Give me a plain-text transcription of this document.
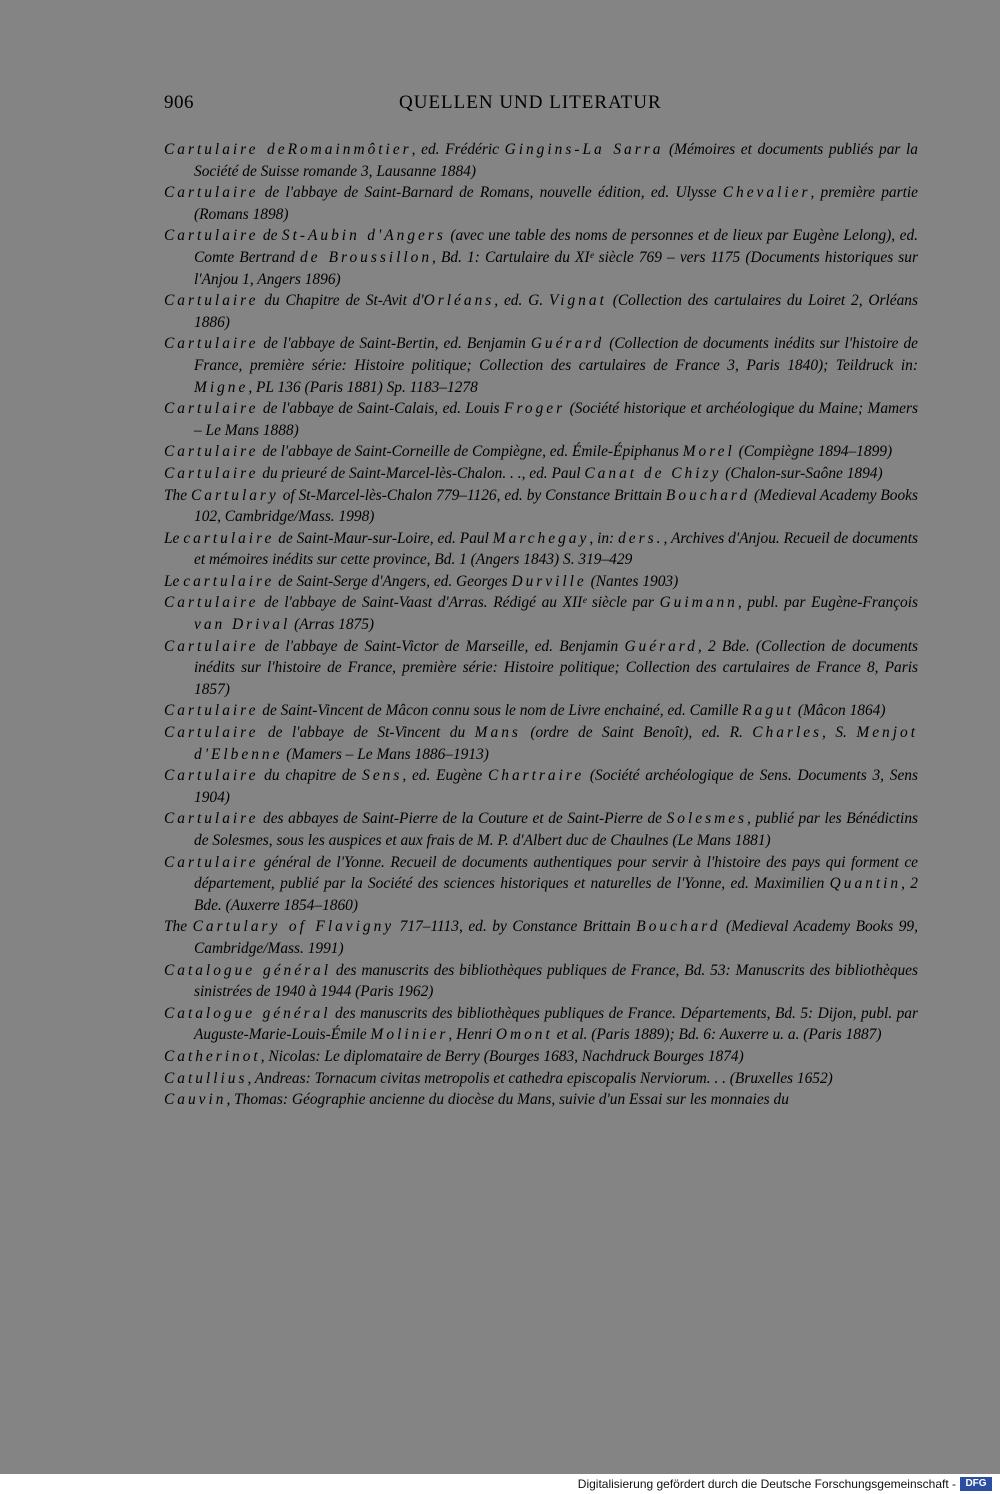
906	QUELLEN UND LITERATUR

Cartulaire deRomainmôtier, ed. Frédéric Gingins-La Sarra (Mémoires et documents publiés par la Société de Suisse romande 3, Lausanne 1884)

Cartulaire de l'abbaye de Saint-Barnard de Romans, nouvelle édition, ed. Ulysse Chevalier, première partie (Romans 1898)

Cartulaire de St-Aubin d'Angers (avec une table des noms de personnes et de lieux par Eugène Lelong), ed. Comte Bertrand de Broussillon, Bd. 1: Cartulaire du XIᵉ siècle 769 – vers 1175 (Documents historiques sur l'Anjou 1, Angers 1896)

Cartulaire du Chapitre de St-Avit d'Orléans, ed. G. Vignat (Collection des cartulaires du Loiret 2, Orléans 1886)

Cartulaire de l'abbaye de Saint-Bertin, ed. Benjamin Guérard (Collection de documents inédits sur l'histoire de France, première série: Histoire politique; Collection des cartulaires de France 3, Paris 1840); Teildruck in: Migne, PL 136 (Paris 1881) Sp. 1183–1278

Cartulaire de l'abbaye de Saint-Calais, ed. Louis Froger (Société historique et archéologique du Maine; Mamers – Le Mans 1888)

Cartulaire de l'abbaye de Saint-Corneille de Compiègne, ed. Émile-Épiphanus Morel (Compiègne 1894–1899)

Cartulaire du prieuré de Saint-Marcel-lès-Chalon. . ., ed. Paul Canat de Chizy (Chalon-sur-Saône 1894)

The Cartulary of St-Marcel-lès-Chalon 779–1126, ed. by Constance Brittain Bouchard (Medieval Academy Books 102, Cambridge/Mass. 1998)

Le cartulaire de Saint-Maur-sur-Loire, ed. Paul Marchegay, in: ders., Archives d'Anjou. Recueil de documents et mémoires inédits sur cette province, Bd. 1 (Angers 1843) S. 319–429

Le cartulaire de Saint-Serge d'Angers, ed. Georges Durville (Nantes 1903)

Cartulaire de l'abbaye de Saint-Vaast d'Arras. Rédigé au XIIᵉ siècle par Guimann, publ. par Eugène-François van Drival (Arras 1875)

Cartulaire de l'abbaye de Saint-Victor de Marseille, ed. Benjamin Guérard, 2 Bde. (Collection de documents inédits sur l'histoire de France, première série: Histoire politique; Collection des cartulaires de France 8, Paris 1857)

Cartulaire de Saint-Vincent de Mâcon connu sous le nom de Livre enchainé, ed. Camille Ragut (Mâcon 1864)

Cartulaire de l'abbaye de St-Vincent du Mans (ordre de Saint Benoît), ed. R. Charles, S. Menjot d'Elbenne (Mamers – Le Mans 1886–1913)

Cartulaire du chapitre de Sens, ed. Eugène Chartraire (Société archéologique de Sens. Documents 3, Sens 1904)

Cartulaire des abbayes de Saint-Pierre de la Couture et de Saint-Pierre de Solesmes, publié par les Bénédictins de Solesmes, sous les auspices et aux frais de M. P. d'Albert duc de Chaulnes (Le Mans 1881)

Cartulaire général de l'Yonne. Recueil de documents authentiques pour servir à l'histoire des pays qui forment ce département, publié par la Société des sciences historiques et naturelles de l'Yonne, ed. Maximilien Quantin, 2 Bde. (Auxerre 1854–1860)

The Cartulary of Flavigny 717–1113, ed. by Constance Brittain Bouchard (Medieval Academy Books 99, Cambridge/Mass. 1991)

Catalogue général des manuscrits des bibliothèques publiques de France, Bd. 53: Manuscrits des bibliothèques sinistrées de 1940 à 1944 (Paris 1962)

Catalogue général des manuscrits des bibliothèques publiques de France. Départements, Bd. 5: Dijon, publ. par Auguste-Marie-Louis-Émile Molinier, Henri Omont et al. (Paris 1889); Bd. 6: Auxerre u. a. (Paris 1887)

Catherinot, Nicolas: Le diplomataire de Berry (Bourges 1683, Nachdruck Bourges 1874)

Catullius, Andreas: Tornacum civitas metropolis et cathedra episcopalis Nerviorum. . . (Bruxelles 1652)

Cauvin, Thomas: Géographie ancienne du diocèse du Mans, suivie d'un Essai sur les monnaies du

Digitalisierung gefördert durch die Deutsche Forschungsgemeinschaft - DFG
